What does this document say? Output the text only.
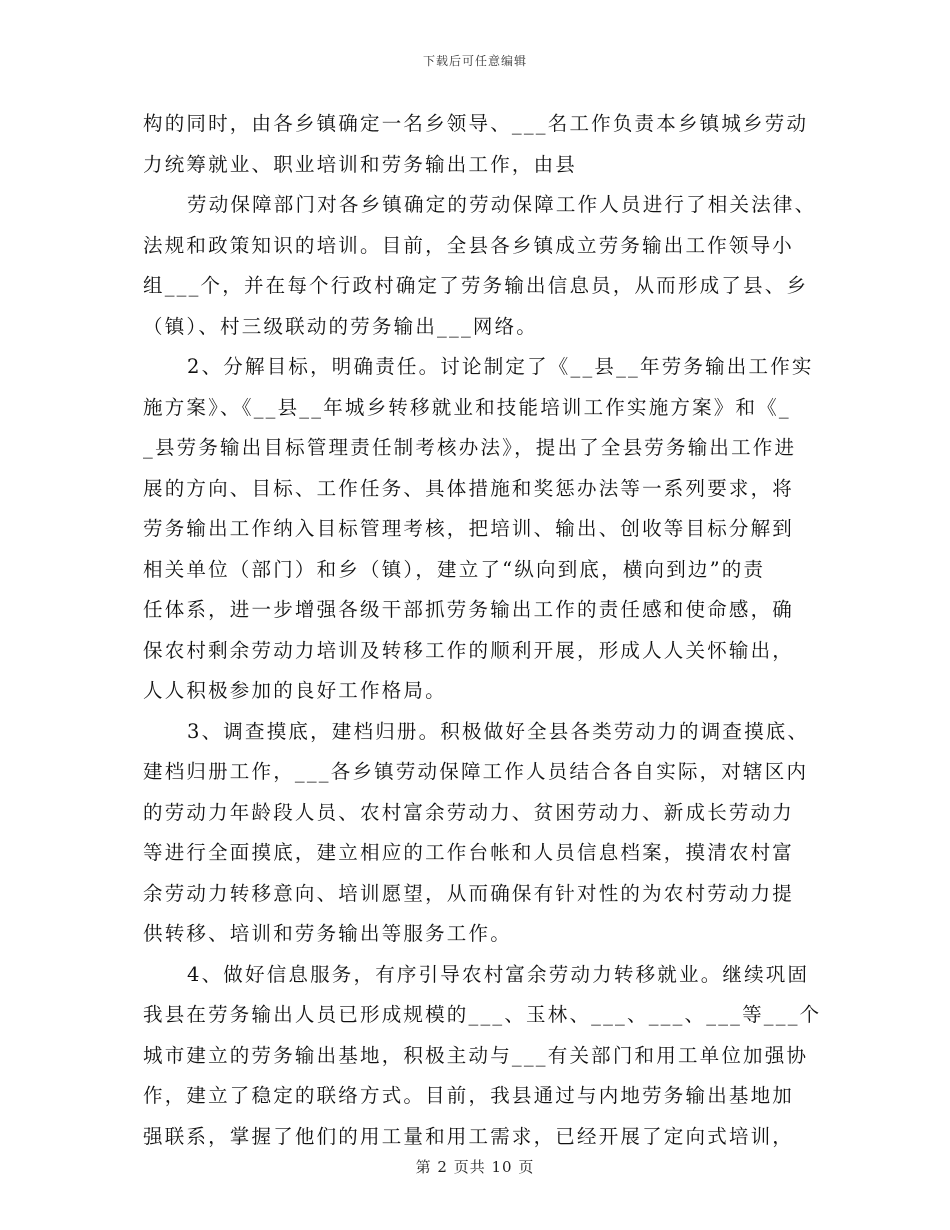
下载后可任意编辑
构的同时，由各乡镇确定一名乡领导、___名工作负责本乡镇城乡劳动
力统筹就业、职业培训和劳务输出工作，由县
劳动保障部门对各乡镇确定的劳动保障工作人员进行了相关法律、
法规和政策知识的培训。目前，全县各乡镇成立劳务输出工作领导小
组___个，并在每个行政村确定了劳务输出信息员，从而形成了县、乡
（镇）、村三级联动的劳务输出___网络。
2、分解目标，明确责任。讨论制定了《__县__年劳务输出工作实
施方案》、《__县__年城乡转移就业和技能培训工作实施方案》和《_
_县劳务输出目标管理责任制考核办法》，提出了全县劳务输出工作进
展的方向、目标、工作任务、具体措施和奖惩办法等一系列要求，将
劳务输出工作纳入目标管理考核，把培训、输出、创收等目标分解到
相关单位（部门）和乡（镇），建立了“纵向到底，横向到边”的责
任体系，进一步增强各级干部抓劳务输出工作的责任感和使命感，确
保农村剩余劳动力培训及转移工作的顺利开展，形成人人关怀输出，
人人积极参加的良好工作格局。
3、调查摸底，建档归册。积极做好全县各类劳动力的调查摸底、
建档归册工作，___各乡镇劳动保障工作人员结合各自实际，对辖区内
的劳动力年龄段人员、农村富余劳动力、贫困劳动力、新成长劳动力
等进行全面摸底，建立相应的工作台帐和人员信息档案，摸清农村富
余劳动力转移意向、培训愿望，从而确保有针对性的为农村劳动力提
供转移、培训和劳务输出等服务工作。
4、做好信息服务，有序引导农村富余劳动力转移就业。继续巩固
我县在劳务输出人员已形成规模的___、玉林、___、___、___等___个
城市建立的劳务输出基地，积极主动与___有关部门和用工单位加强协
作，建立了稳定的联络方式。目前，我县通过与内地劳务输出基地加
强联系，掌握了他们的用工量和用工需求，已经开展了定向式培训，
第 2 页共 10 页
